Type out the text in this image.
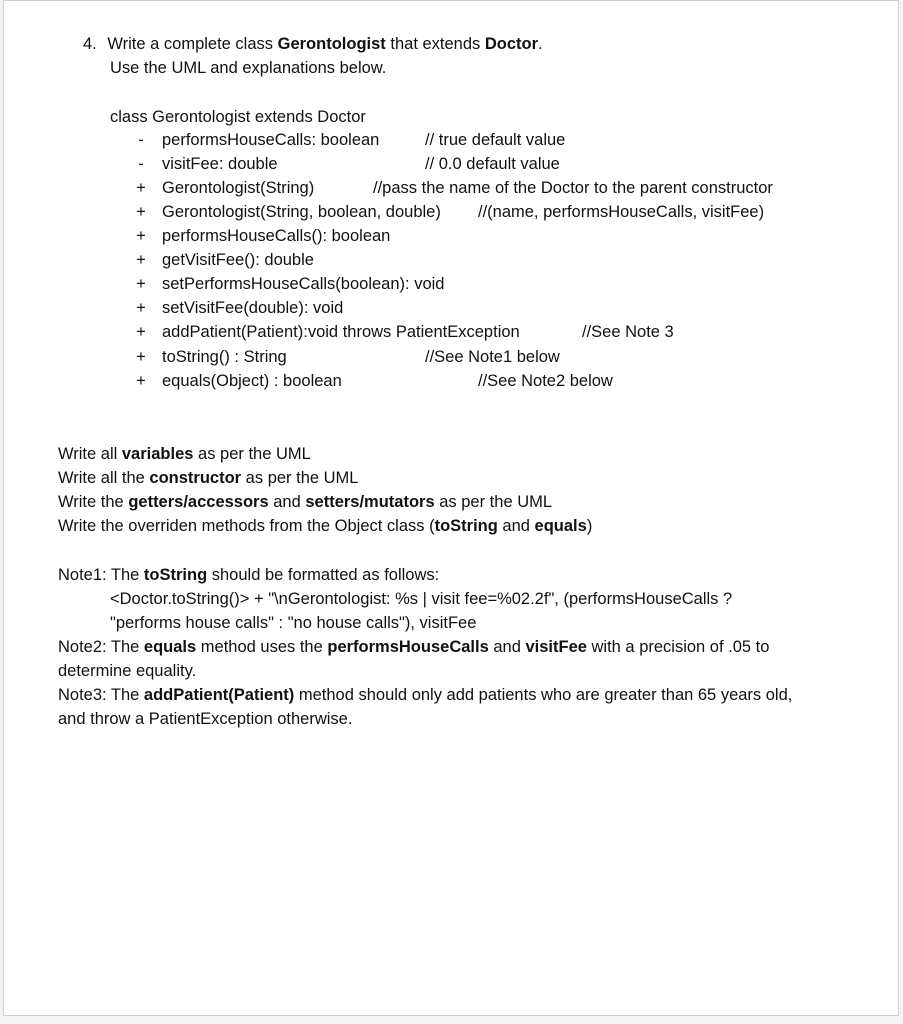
4. Write a complete class Gerontologist that extends Doctor.
Use the UML and explanations below.
class Gerontologist extends Doctor
- performsHouseCalls: boolean	// true default value
- visitFee: double	// 0.0 default value
+ Gerontologist(String)	//pass the name of the Doctor to the parent constructor
+ Gerontologist(String, boolean, double) //(name, performsHouseCalls, visitFee)
+ performsHouseCalls(): boolean
+ getVisitFee(): double
+ setPerformsHouseCalls(boolean): void
+ setVisitFee(double): void
+ addPatient(Patient):void throws PatientException	//See Note 3
+ toString() : String	//See Note1 below
+ equals(Object) : boolean	//See Note2 below
Write all variables as per the UML
Write all the constructor as per the UML
Write the getters/accessors and setters/mutators as per the UML
Write the overriden methods from the Object class (toString and equals)
Note1: The toString should be formatted as follows:
<Doctor.toString()> + "\nGerontologist: %s | visit fee=%02.2f", (performsHouseCalls ?
"performs house calls" : "no house calls"), visitFee
Note2: The equals method uses the performsHouseCalls and visitFee with a precision of .05 to
determine equality.
Note3: The addPatient(Patient) method should only add patients who are greater than 65 years old,
and throw a PatientException otherwise.
